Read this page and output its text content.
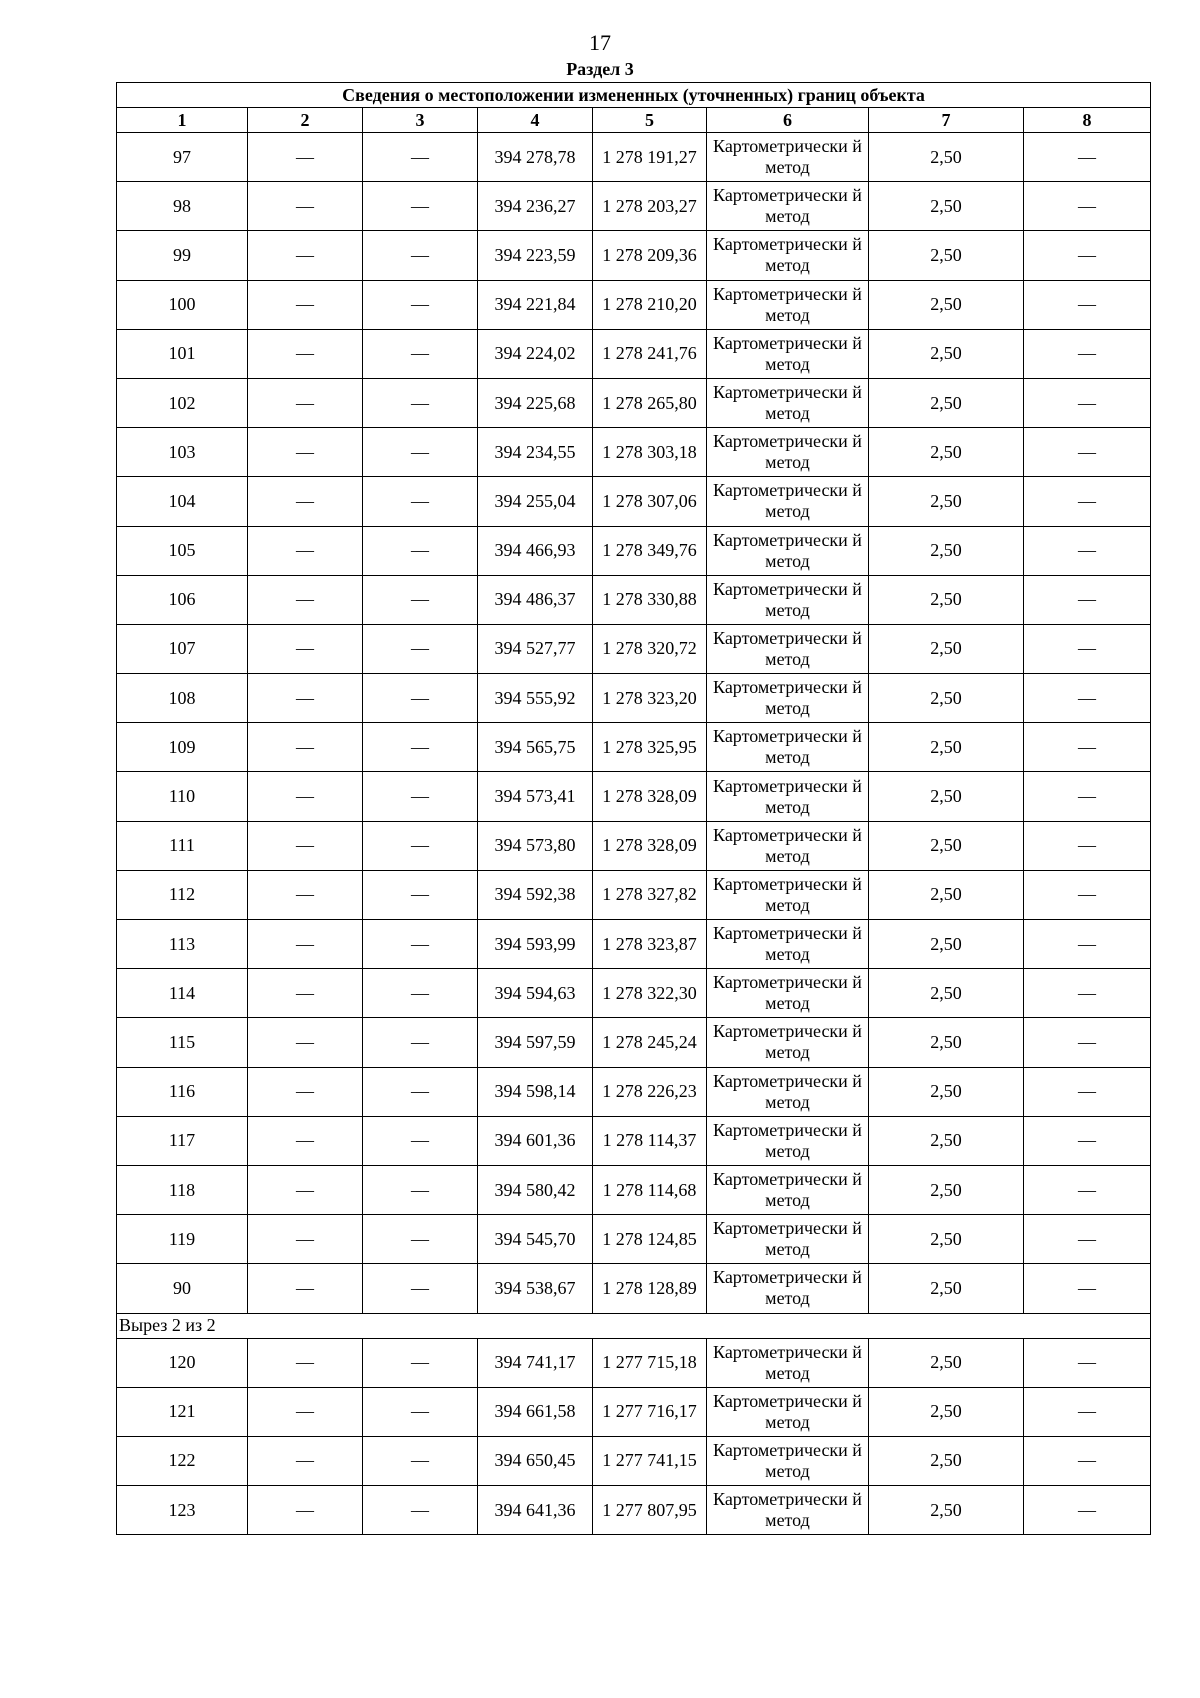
17
Раздел 3
Сведения о местоположении измененных (уточненных) границ объекта							
1	2	3	4	5	6	7	8
97	—	—	394 278,78	1 278 191,27	Картометрически й метод	2,50	—
98	—	—	394 236,27	1 278 203,27	Картометрически й метод	2,50	—
99	—	—	394 223,59	1 278 209,36	Картометрически й метод	2,50	—
100	—	—	394 221,84	1 278 210,20	Картометрически й метод	2,50	—
101	—	—	394 224,02	1 278 241,76	Картометрически й метод	2,50	—
102	—	—	394 225,68	1 278 265,80	Картометрически й метод	2,50	—
103	—	—	394 234,55	1 278 303,18	Картометрически й метод	2,50	—
104	—	—	394 255,04	1 278 307,06	Картометрически й метод	2,50	—
105	—	—	394 466,93	1 278 349,76	Картометрически й метод	2,50	—
106	—	—	394 486,37	1 278 330,88	Картометрически й метод	2,50	—
107	—	—	394 527,77	1 278 320,72	Картометрически й метод	2,50	—
108	—	—	394 555,92	1 278 323,20	Картометрически й метод	2,50	—
109	—	—	394 565,75	1 278 325,95	Картометрически й метод	2,50	—
110	—	—	394 573,41	1 278 328,09	Картометрически й метод	2,50	—
111	—	—	394 573,80	1 278 328,09	Картометрически й метод	2,50	—
112	—	—	394 592,38	1 278 327,82	Картометрически й метод	2,50	—
113	—	—	394 593,99	1 278 323,87	Картометрически й метод	2,50	—
114	—	—	394 594,63	1 278 322,30	Картометрически й метод	2,50	—
115	—	—	394 597,59	1 278 245,24	Картометрически й метод	2,50	—
116	—	—	394 598,14	1 278 226,23	Картометрически й метод	2,50	—
117	—	—	394 601,36	1 278 114,37	Картометрически й метод	2,50	—
118	—	—	394 580,42	1 278 114,68	Картометрически й метод	2,50	—
119	—	—	394 545,70	1 278 124,85	Картометрически й метод	2,50	—
90	—	—	394 538,67	1 278 128,89	Картометрически й метод	2,50	—
Вырез 2 из 2							
120	—	—	394 741,17	1 277 715,18	Картометрически й метод	2,50	—
121	—	—	394 661,58	1 277 716,17	Картометрически й метод	2,50	—
122	—	—	394 650,45	1 277 741,15	Картометрически й метод	2,50	—
123	—	—	394 641,36	1 277 807,95	Картометрически й метод	2,50	—
